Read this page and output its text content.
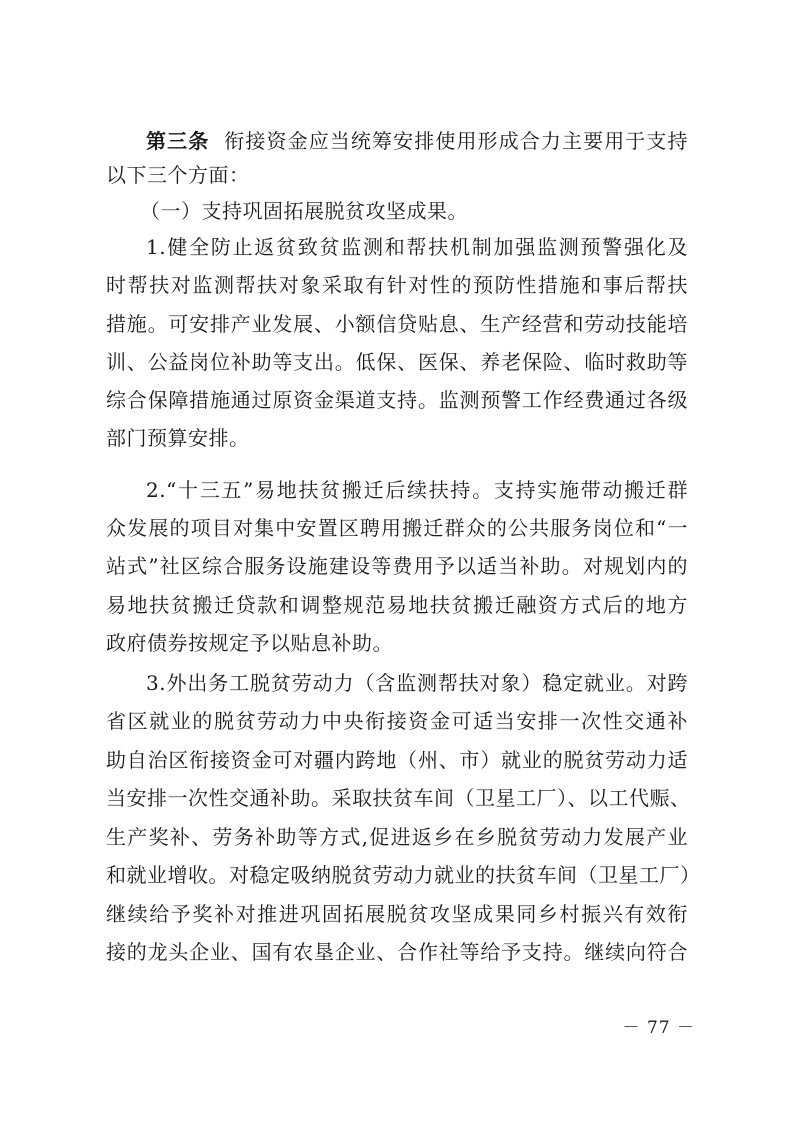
第三条 衔接资金应当统筹安排使用形成合力主要用于支持
以下三个方面：
（一）支持巩固拓展脱贫攻坚成果。
1.健全防止返贫致贫监测和帮扶机制加强监测预警强化及
时帮扶对监测帮扶对象采取有针对性的预防性措施和事后帮扶
措施。可安排产业发展、小额信贷贴息、生产经营和劳动技能培
训、公益岗位补助等支出。低保、医保、养老保险、临时救助等
综合保障措施通过原资金渠道支持。监测预警工作经费通过各级
部门预算安排。
2.“十三五”易地扶贫搬迁后续扶持。支持实施带动搬迁群
众发展的项目对集中安置区聘用搬迁群众的公共服务岗位和“一
站式”社区综合服务设施建设等费用予以适当补助。对规划内的
易地扶贫搬迁贷款和调整规范易地扶贫搬迁融资方式后的地方
政府债券按规定予以贴息补助。
3.外出务工脱贫劳动力（含监测帮扶对象）稳定就业。对跨
省区就业的脱贫劳动力中央衔接资金可适当安排一次性交通补
助自治区衔接资金可对疆内跨地（州、市）就业的脱贫劳动力适
当安排一次性交通补助。采取扶贫车间（卫星工厂）、以工代赈、
生产奖补、劳务补助等方式,促进返乡在乡脱贫劳动力发展产业
和就业增收。对稳定吸纳脱贫劳动力就业的扶贫车间（卫星工厂）
继续给予奖补对推进巩固拓展脱贫攻坚成果同乡村振兴有效衔
接的龙头企业、国有农垦企业、合作社等给予支持。继续向符合
－ 77 －
